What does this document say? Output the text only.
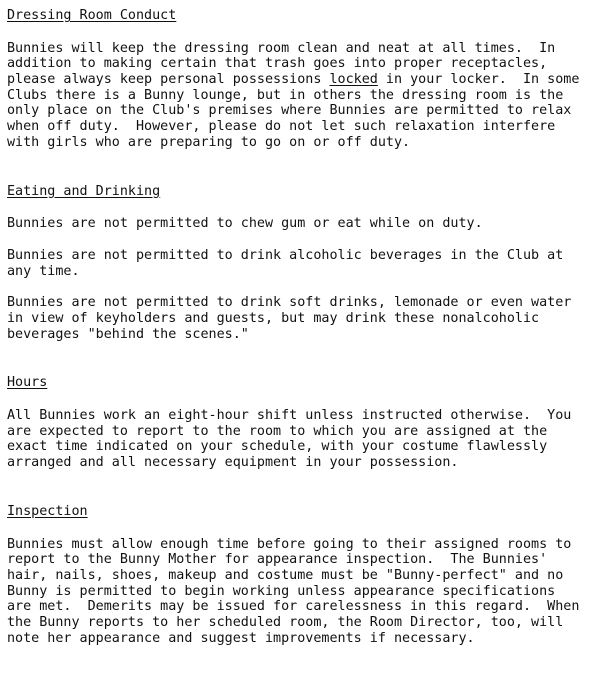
Dressing Room Conduct
Bunnies will keep the dressing room clean and neat at all times.  In
addition to making certain that trash goes into proper receptacles,
please always keep personal possessions locked in your locker.  In some
Clubs there is a Bunny lounge, but in others the dressing room is the
only place on the Club's premises where Bunnies are permitted to relax
when off duty.  However, please do not let such relaxation interfere
with girls who are preparing to go on or off duty.
Eating and Drinking
Bunnies are not permitted to chew gum or eat while on duty.
Bunnies are not permitted to drink alcoholic beverages in the Club at
any time.
Bunnies are not permitted to drink soft drinks, lemonade or even water
in view of keyholders and guests, but may drink these nonalcoholic
beverages "behind the scenes."
Hours
All Bunnies work an eight-hour shift unless instructed otherwise.  You
are expected to report to the room to which you are assigned at the
exact time indicated on your schedule, with your costume flawlessly
arranged and all necessary equipment in your possession.
Inspection
Bunnies must allow enough time before going to their assigned rooms to
report to the Bunny Mother for appearance inspection.  The Bunnies'
hair, nails, shoes, makeup and costume must be "Bunny-perfect" and no
Bunny is permitted to begin working unless appearance specifications
are met.  Demerits may be issued for carelessness in this regard.  When
the Bunny reports to her scheduled room, the Room Director, too, will
note her appearance and suggest improvements if necessary.
